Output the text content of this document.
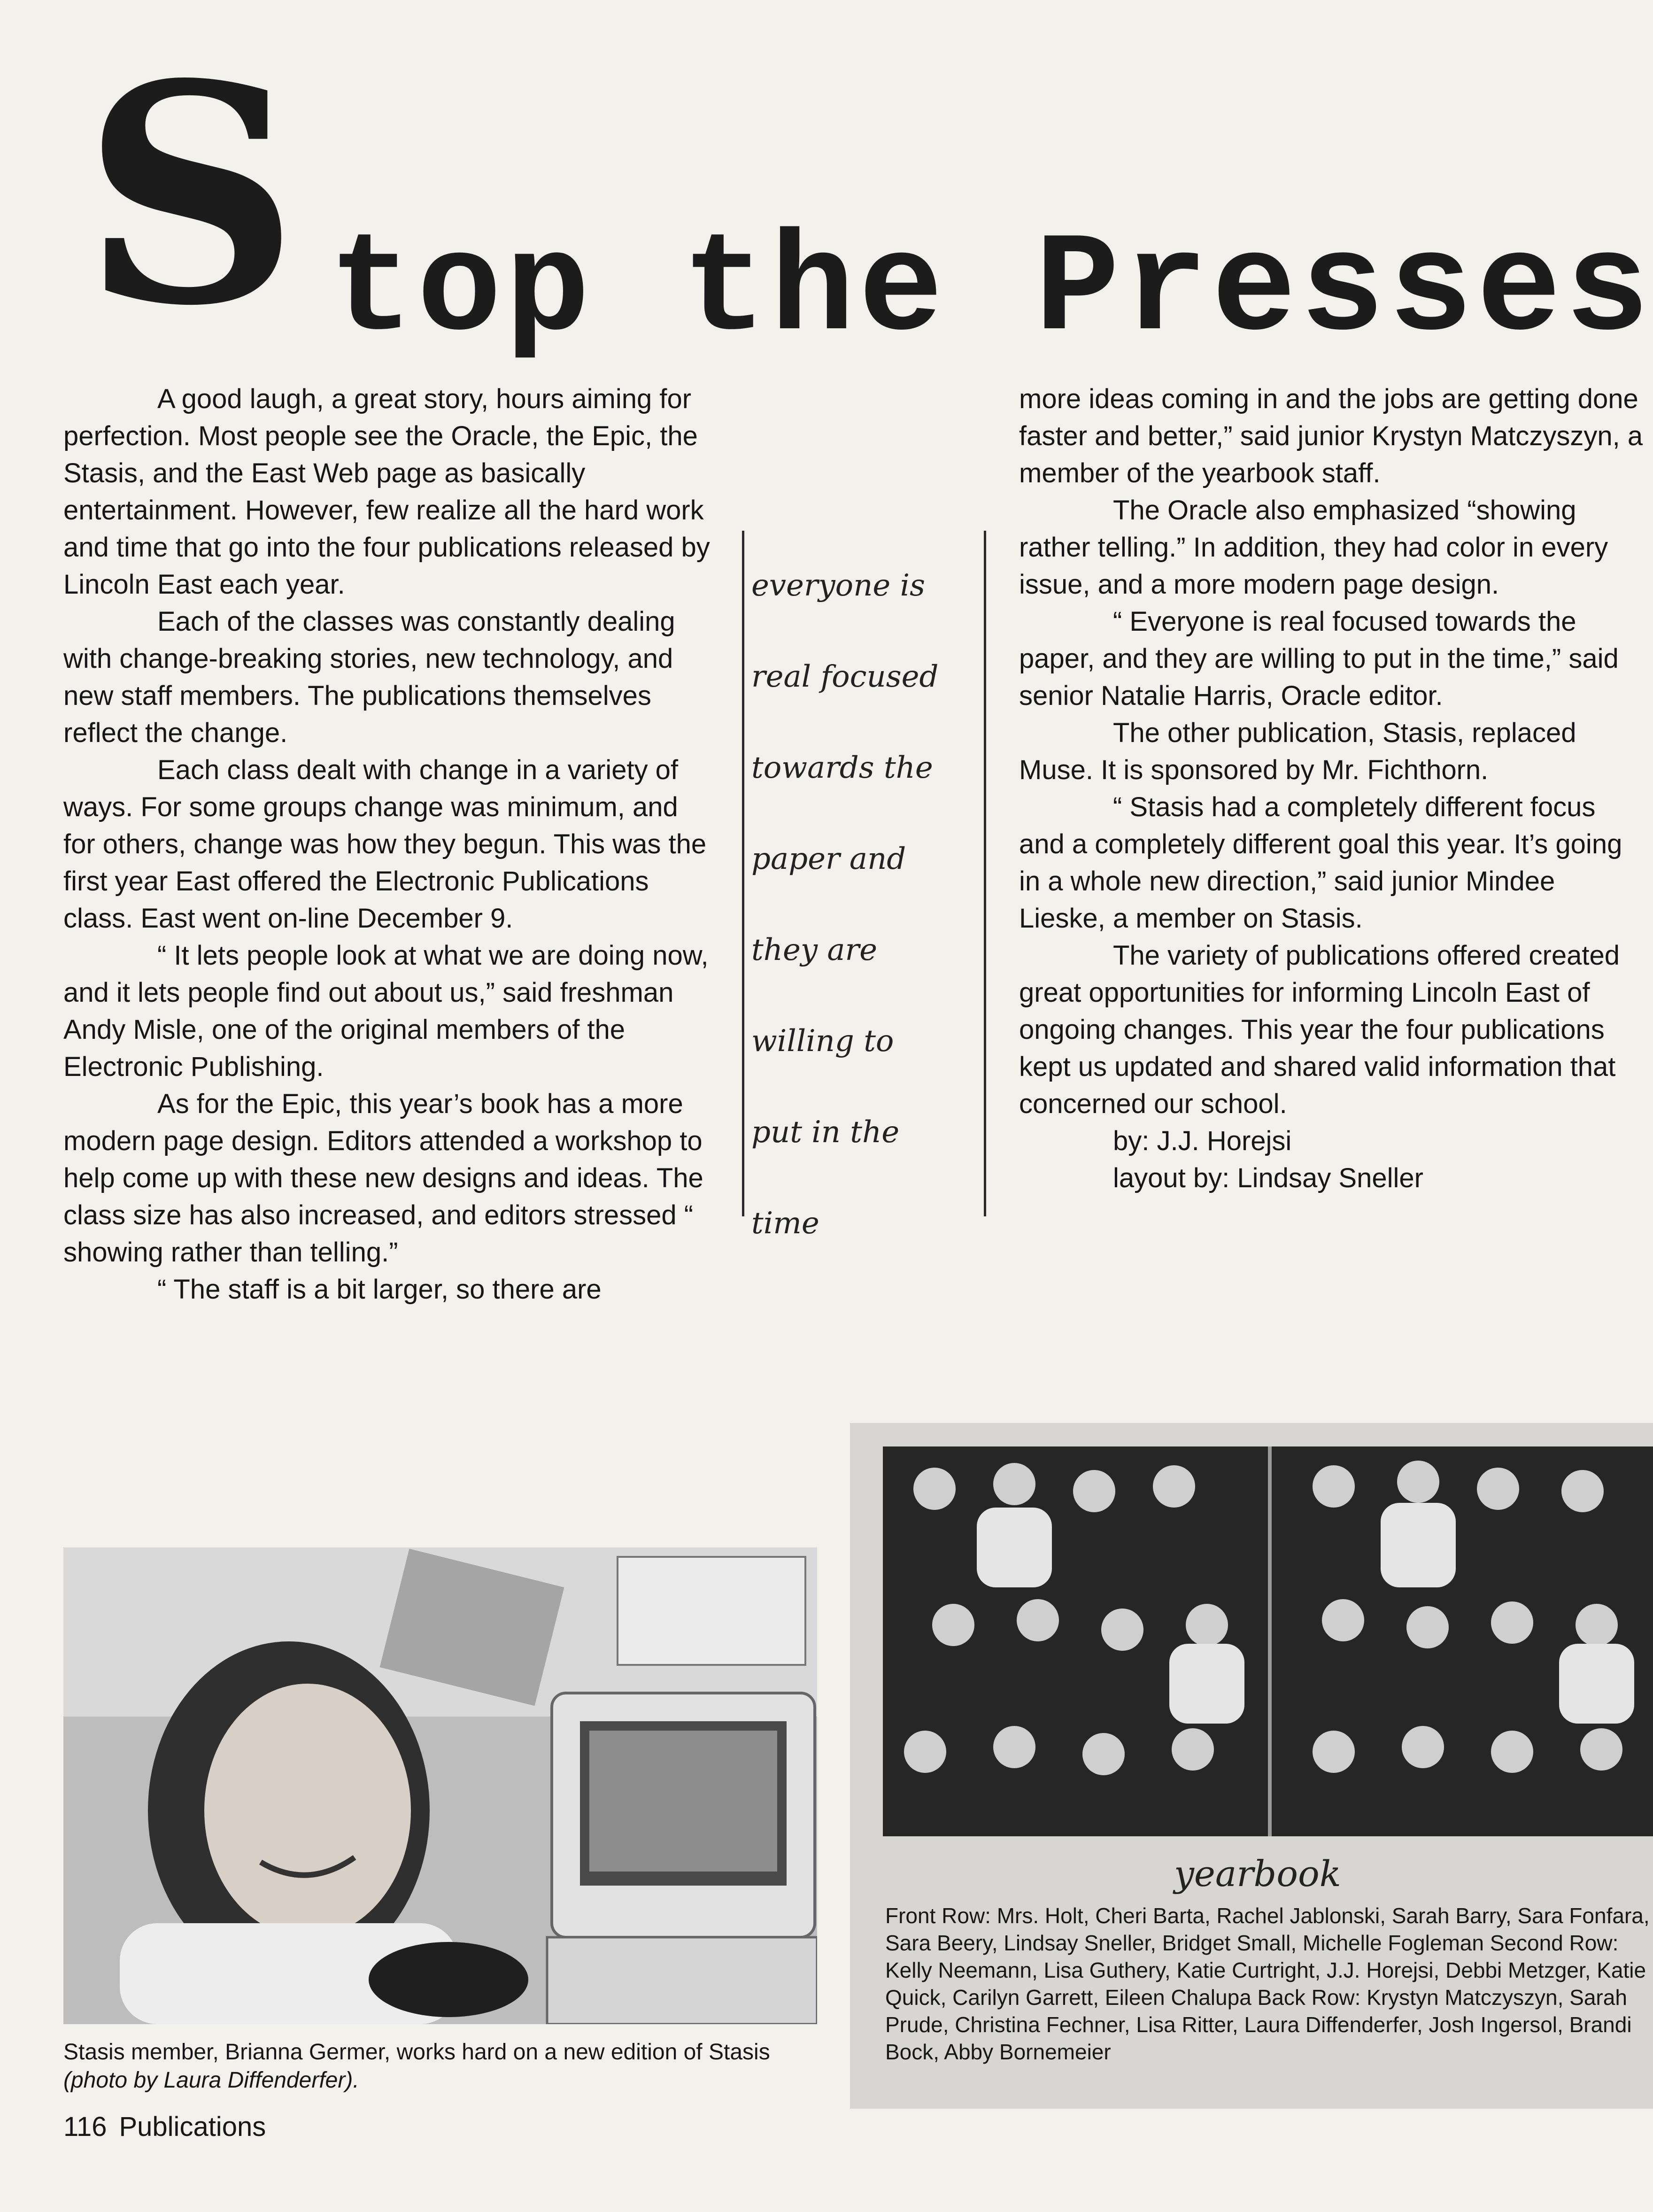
S top the Presses

A good laugh, a great story, hours aiming for perfection. Most people see the Oracle, the Epic, the Stasis, and the East Web page as basically entertainment. However, few realize all the hard work and time that go into the four publications released by Lincoln East each year.

Each of the classes was constantly dealing with change-breaking stories, new technology, and new staff members. The publications themselves reflect the change.

Each class dealt with change in a variety of ways. For some groups change was minimum, and for others, change was how they begun. This was the first year East offered the Electronic Publications class. East went on-line December 9.

“ It lets people look at what we are doing now, and it lets people find out about us,” said freshman Andy Misle, one of the original members of the Electronic Publishing.

As for the Epic, this year’s book has a more modern page design. Editors attended a workshop to help come up with these new designs and ideas. The class size has also increased, and editors stressed “ showing rather than telling.”

“ The staff is a bit larger, so there are

everyone is
real focused
towards the
paper and
they are
willing to
put in the
time

more ideas coming in and the jobs are getting done faster and better,” said junior Krystyn Matczyszyn, a member of the yearbook staff.

The Oracle also emphasized “showing rather telling.” In addition, they had color in every issue, and a more modern page design.

“ Everyone is real focused towards the paper, and they are willing to put in the time,” said senior Natalie Harris, Oracle editor.

The other publication, Stasis, replaced Muse. It is sponsored by Mr. Fichthorn.

“ Stasis had a completely different focus and a completely different goal this year. It’s going in a whole new direction,” said junior Mindee Lieske, a member on Stasis.

The variety of publications offered created great opportunities for informing Lincoln East of ongoing changes. This year the four publications kept us updated and shared valid information that concerned our school.

by: J.J. Horejsi

layout by: Lindsay Sneller

Stasis member, Brianna Germer, works hard on a new edition of Stasis (photo by Laura Diffenderfer).
yearbook
Front Row: Mrs. Holt, Cheri Barta, Rachel Jablonski, Sarah Barry, Sara Fonfara, Sara Beery, Lindsay Sneller, Bridget Small, Michelle Fogleman Second Row: Kelly Neemann, Lisa Guthery, Katie Curtright, J.J. Horejsi, Debbi Metzger, Katie Quick, Carilyn Garrett, Eileen Chalupa Back Row: Krystyn Matczyszyn, Sarah Prude, Christina Fechner, Lisa Ritter, Laura Diffenderfer, Josh Ingersol, Brandi Bock, Abby Bornemeier
116 Publications
